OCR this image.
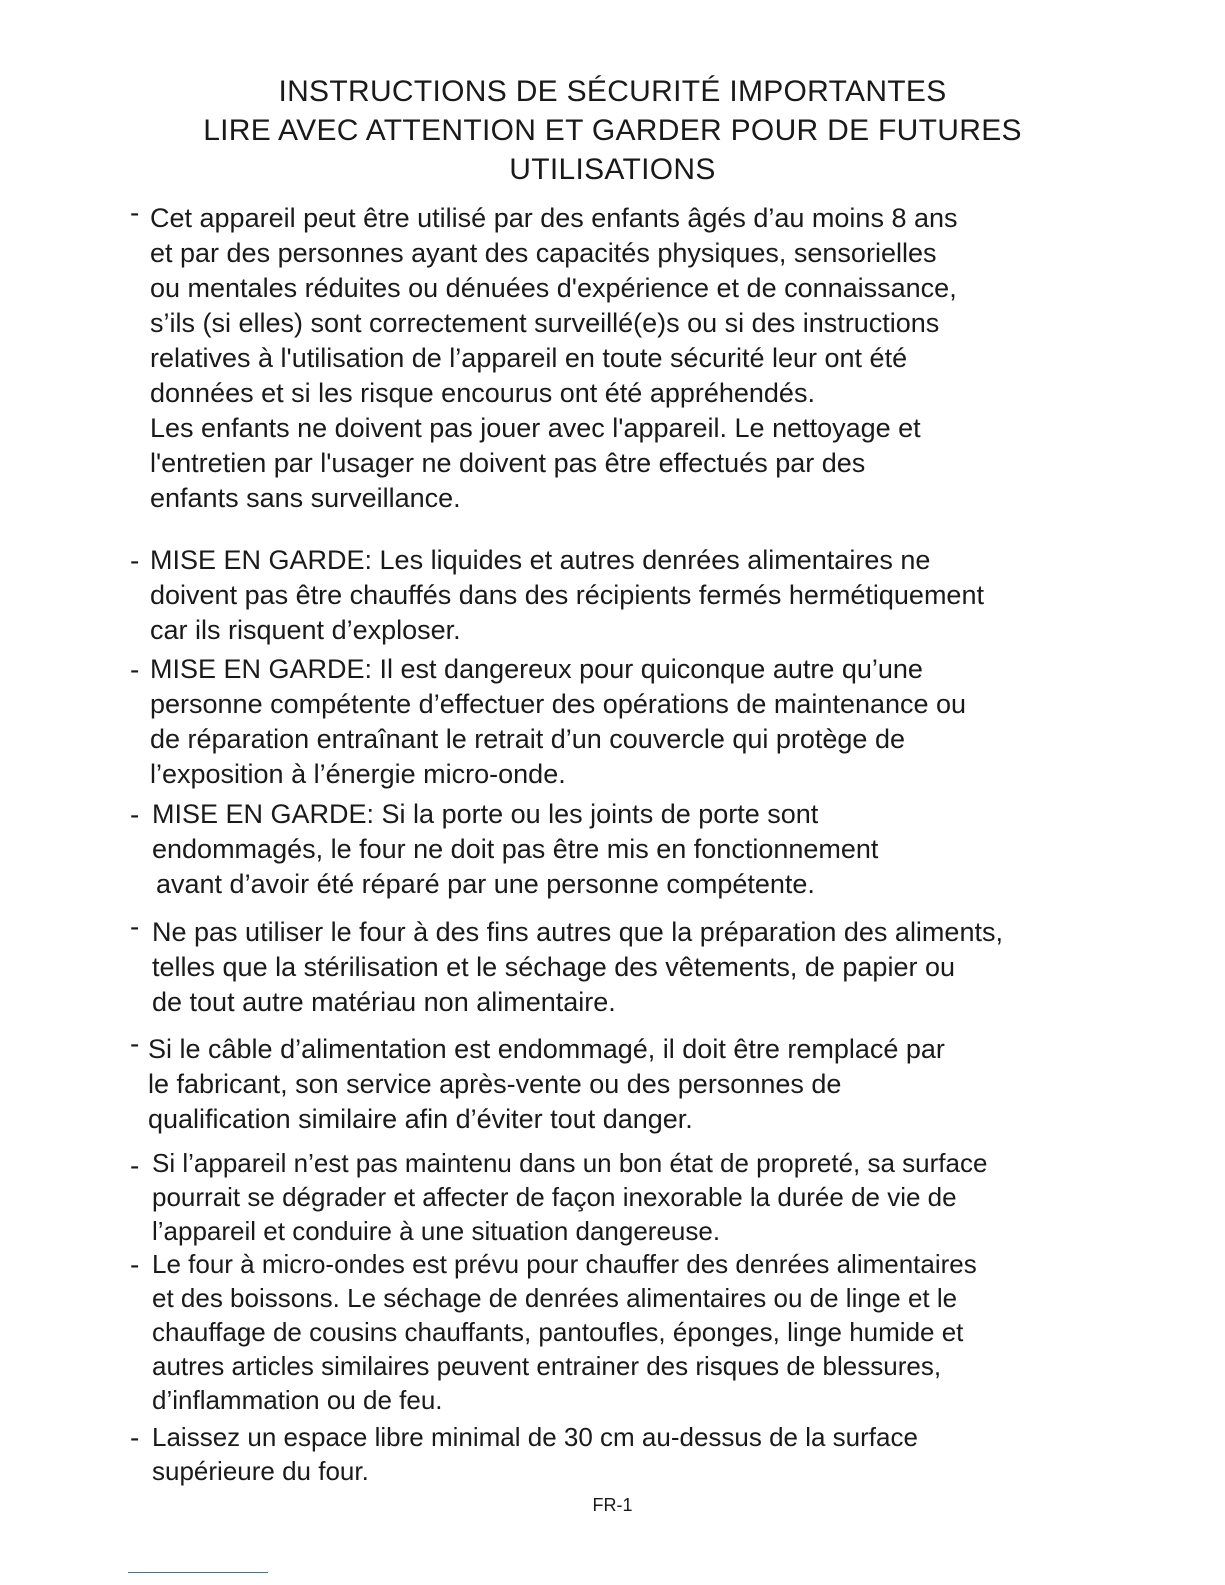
INSTRUCTIONS DE SÉCURITÉ IMPORTANTES
LIRE AVEC ATTENTION ET GARDER POUR DE FUTURES
UTILISATIONS
- Cet appareil peut être utilisé par des enfants âgés d’au moins 8 ans
et par des personnes ayant des capacités physiques, sensorielles
ou mentales réduites ou dénuées d'expérience et de connaissance,
s’ils (si elles) sont correctement surveillé(e)s ou si des instructions
relatives à l'utilisation de l’appareil en toute sécurité leur ont été
données et si les risque encourus ont été appréhendés.
Les enfants ne doivent pas jouer avec l'appareil. Le nettoyage et
l'entretien par l'usager ne doivent pas être effectués par des
enfants sans surveillance.
- MISE EN GARDE: Les liquides et autres denrées alimentaires ne
doivent pas être chauffés dans des récipients fermés hermétiquement
car ils risquent d’exploser.
- MISE EN GARDE: Il est dangereux pour quiconque autre qu’une
personne compétente d’effectuer des opérations de maintenance ou
de réparation entraînant le retrait d’un couvercle qui protège de
l’exposition à l’énergie micro-onde.
- MISE EN GARDE: Si la porte ou les joints de porte sont
endommagés, le four ne doit pas être mis en fonctionnement
avant d’avoir été réparé par une personne compétente.
- Ne pas utiliser le four à des fins autres que la préparation des aliments,
telles que la stérilisation et le séchage des vêtements, de papier ou
de tout autre matériau non alimentaire.
- Si le câble d’alimentation est endommagé, il doit être remplacé par
le fabricant, son service après-vente ou des personnes de
qualification similaire afin d’éviter tout danger.
- Si l’appareil n’est pas maintenu dans un bon état de propreté, sa surface
pourrait se dégrader et affecter de façon inexorable la durée de vie de
l’appareil et conduire à une situation dangereuse.
- Le four à micro-ondes est prévu pour chauffer des denrées alimentaires
et des boissons. Le séchage de denrées alimentaires ou de linge et le
chauffage de cousins chauffants, pantoufles, éponges, linge humide et
autres articles similaires peuvent entrainer des risques de blessures,
d’inflammation ou de feu.
- Laissez un espace libre minimal de 30 cm au-dessus de la surface
supérieure du four.
FR-1
